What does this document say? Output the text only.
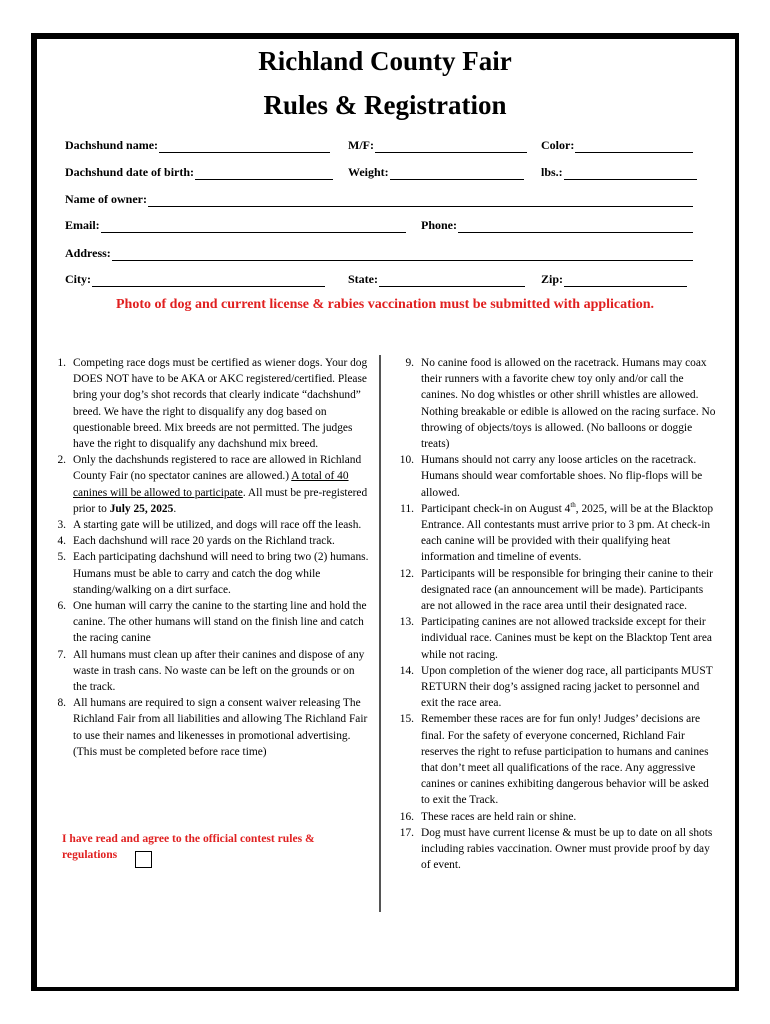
Richland County Fair
Rules & Registration
Dachshund name:	M/F:	Color:
Dachshund date of birth:	Weight:	lbs.:
Name of owner:
Email:	Phone:
Address:
City:	State:	Zip:
Photo of dog and current license & rabies vaccination must be submitted with application.
1. Competing race dogs must be certified as wiener dogs. Your dog DOES NOT have to be AKA or AKC registered/certified. Please bring your dog’s shot records that clearly indicate “dachshund” breed. We have the right to disqualify any dog based on questionable breed. Mix breeds are not permitted. The judges have the right to disqualify any dachshund mix breed.
2. Only the dachshunds registered to race are allowed in Richland County Fair (no spectator canines are allowed.) A total of 40 canines will be allowed to participate. All must be pre-registered prior to July 25, 2025.
3. A starting gate will be utilized, and dogs will race off the leash.
4. Each dachshund will race 20 yards on the Richland track.
5. Each participating dachshund will need to bring two (2) humans. Humans must be able to carry and catch the dog while standing/walking on a dirt surface.
6. One human will carry the canine to the starting line and hold the canine. The other humans will stand on the finish line and catch the racing canine
7. All humans must clean up after their canines and dispose of any waste in trash cans. No waste can be left on the grounds or on the track.
8. All humans are required to sign a consent waiver releasing The Richland Fair from all liabilities and allowing The Richland Fair to use their names and likenesses in promotional advertising. (This must be completed before race time)
9. No canine food is allowed on the racetrack. Humans may coax their runners with a favorite chew toy only and/or call the canines. No dog whistles or other shrill whistles are allowed. Nothing breakable or edible is allowed on the racing surface. No throwing of objects/toys is allowed. (No balloons or doggie treats)
10. Humans should not carry any loose articles on the racetrack. Humans should wear comfortable shoes. No flip-flops will be allowed.
11. Participant check-in on August 4th, 2025, will be at the Blacktop Entrance. All contestants must arrive prior to 3 pm. At check-in each canine will be provided with their qualifying heat information and timeline of events.
12. Participants will be responsible for bringing their canine to their designated race (an announcement will be made). Participants are not allowed in the race area until their designated race.
13. Participating canines are not allowed trackside except for their individual race. Canines must be kept on the Blacktop Tent area while not racing.
14. Upon completion of the wiener dog race, all participants MUST RETURN their dog’s assigned racing jacket to personnel and exit the race area.
15. Remember these races are for fun only! Judges’ decisions are final. For the safety of everyone concerned, Richland Fair reserves the right to refuse participation to humans and canines that don’t meet all qualifications of the race. Any aggressive canines or canines exhibiting dangerous behavior will be asked to exit the Track.
16. These races are held rain or shine.
17. Dog must have current license & must be up to date on all shots including rabies vaccination. Owner must provide proof by day of event.
I have read and agree to the official contest rules & regulations
